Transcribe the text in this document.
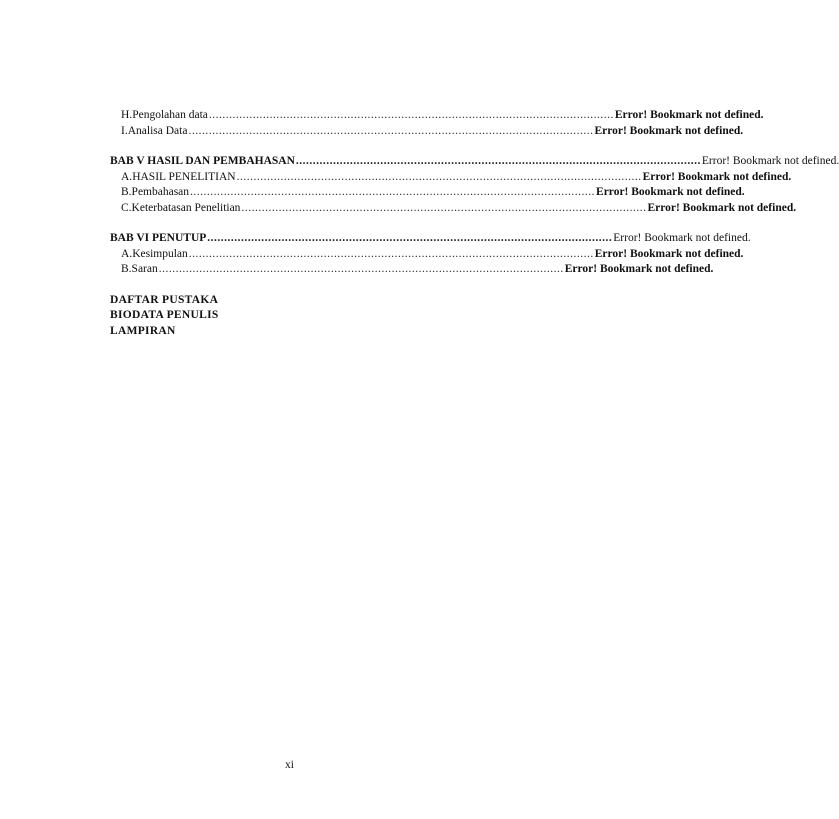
H. Pengolahan data ........................................................................................................................ Error! Bookmark not defined.
I. Analisa Data ........................................................................................................................ Error! Bookmark not defined.
BAB V HASIL DAN PEMBAHASAN ........................................................................................................................ Error! Bookmark not defined.
A. HASIL PENELITIAN ........................................................................................................................ Error! Bookmark not defined.
B. Pembahasan ........................................................................................................................ Error! Bookmark not defined.
C. Keterbatasan Penelitian ........................................................................................................................ Error! Bookmark not defined.
BAB VI PENUTUP ........................................................................................................................ Error! Bookmark not defined.
A. Kesimpulan ........................................................................................................................ Error! Bookmark not defined.
B. Saran ........................................................................................................................ Error! Bookmark not defined.
DAFTAR PUSTAKA
BIODATA PENULIS
LAMPIRAN
xi
